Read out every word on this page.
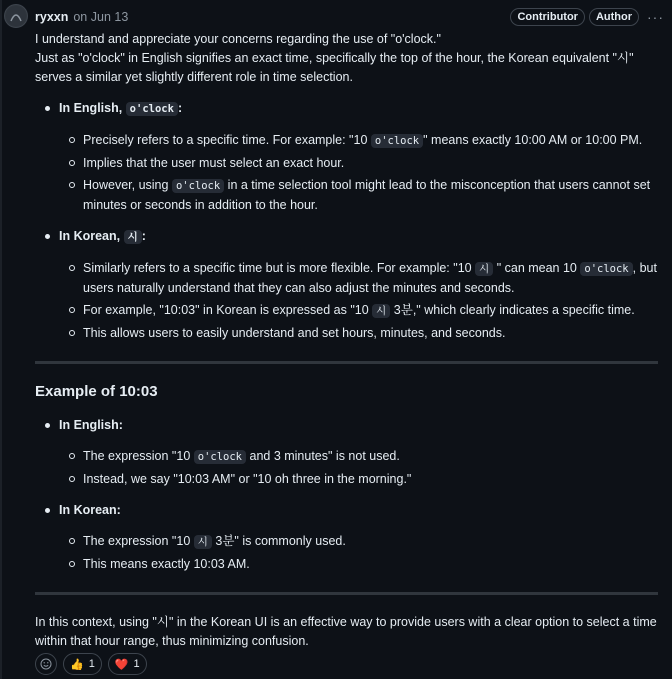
ryxxn on Jun 13	Contributor	Author	···

I understand and appreciate your concerns regarding the use of "o'clock."

Just as "o'clock" in English signifies an exact time, specifically the top of the hour, the Korean equivalent "시" serves a similar yet slightly different role in time selection.

In English, o'clock :
Precisely refers to a specific time. For example: "10 o'clock " means exactly 10:00 AM or 10:00 PM.
Implies that the user must select an exact hour.
However, using o'clock in a time selection tool might lead to the misconception that users cannot set minutes or seconds in addition to the hour.
In Korean, 시 :
Similarly refers to a specific time but is more flexible. For example: "10 시 " can mean 10 o'clock , but users naturally understand that they can also adjust the minutes and seconds.
For example, "10:03" in Korean is expressed as "10 시 3분," which clearly indicates a specific time.
This allows users to easily understand and set hours, minutes, and seconds.
Example of 10:03
In English:
The expression "10 o'clock and 3 minutes" is not used.
Instead, we say "10:03 AM" or "10 oh three in the morning."
In Korean:
The expression "10 시 3분" is commonly used.
This means exactly 10:03 AM.

In this context, using "시" in the Korean UI is an effective way to provide users with a clear option to select a time within that hour range, thus minimizing confusion.

👍 1 ❤️ 1
